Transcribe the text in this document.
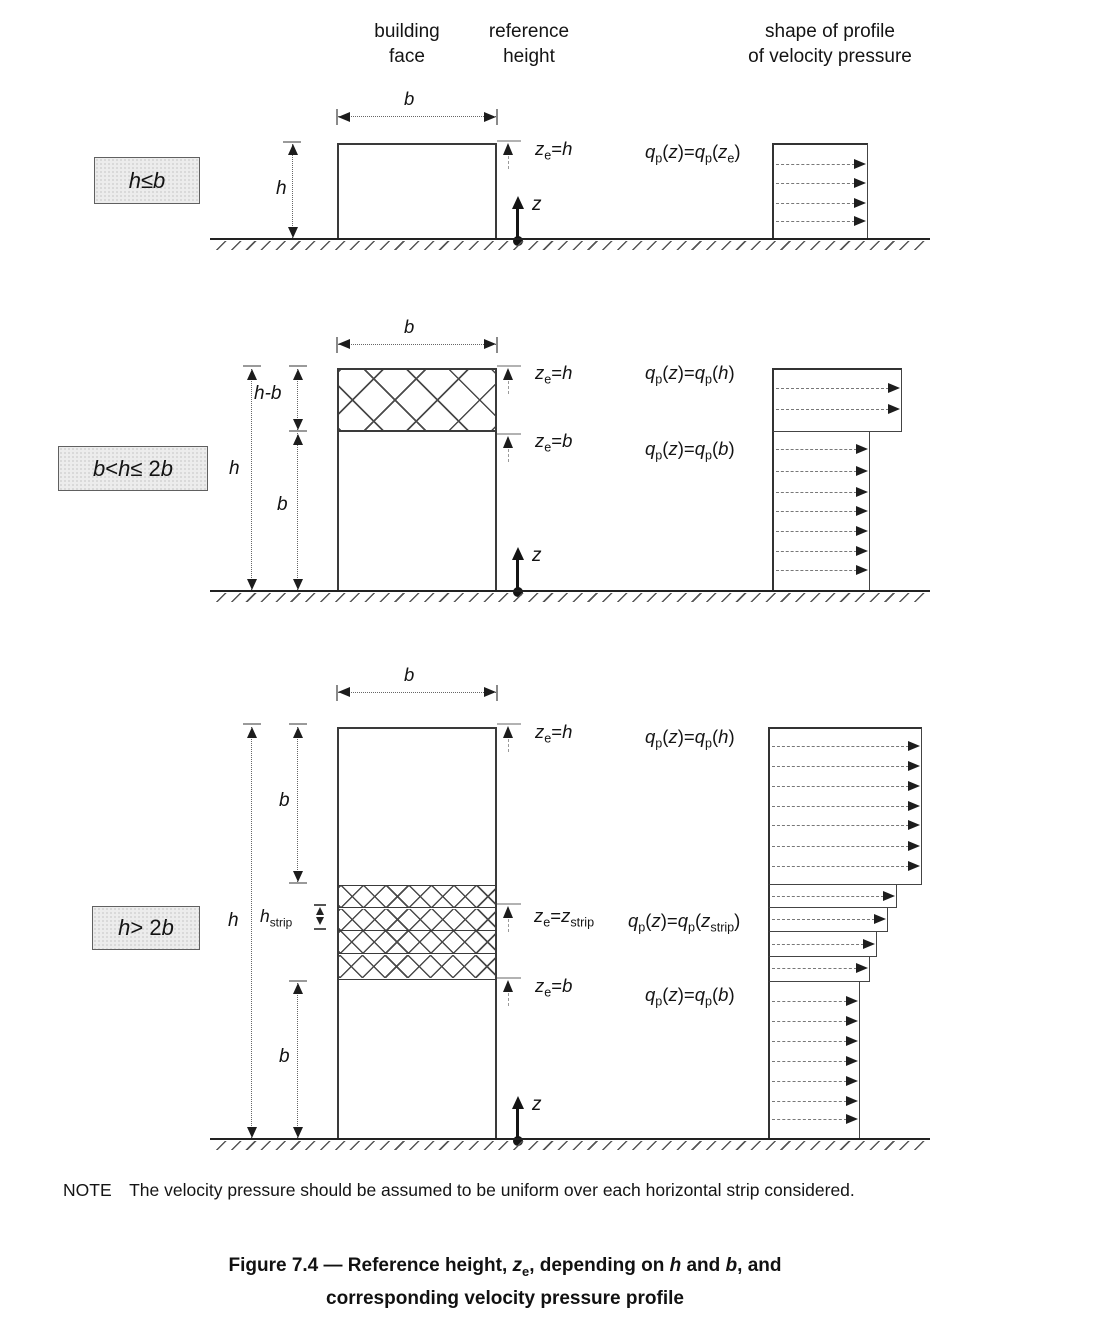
building
face
reference
height
shape of profile
of velocity pressure
h ≤ b
b
h
$z_e=h$
z
$q_p(z)=q_p(z_e)$
b < h ≤ 2 b
b
h
h-b
b
$z_e=h$
$z_e=b$
z
$q_p(z)=q_p(h)$
$q_p(z)=q_p(b)$
h > 2 b
b
h
b
$h_{strip}$
b
$z_e=h$
$z_e=z_{strip}$
$z_e=b$
z
$q_p(z)=q_p(h)$
$q_p(z)=q_p(z_{strip})$
$q_p(z)=q_p(b)$
NOTE The velocity pressure should be assumed to be uniform over each horizontal strip considered.
Figure 7.4 — Reference height, $z_e$, depending on h and b, and
corresponding velocity pressure profile
